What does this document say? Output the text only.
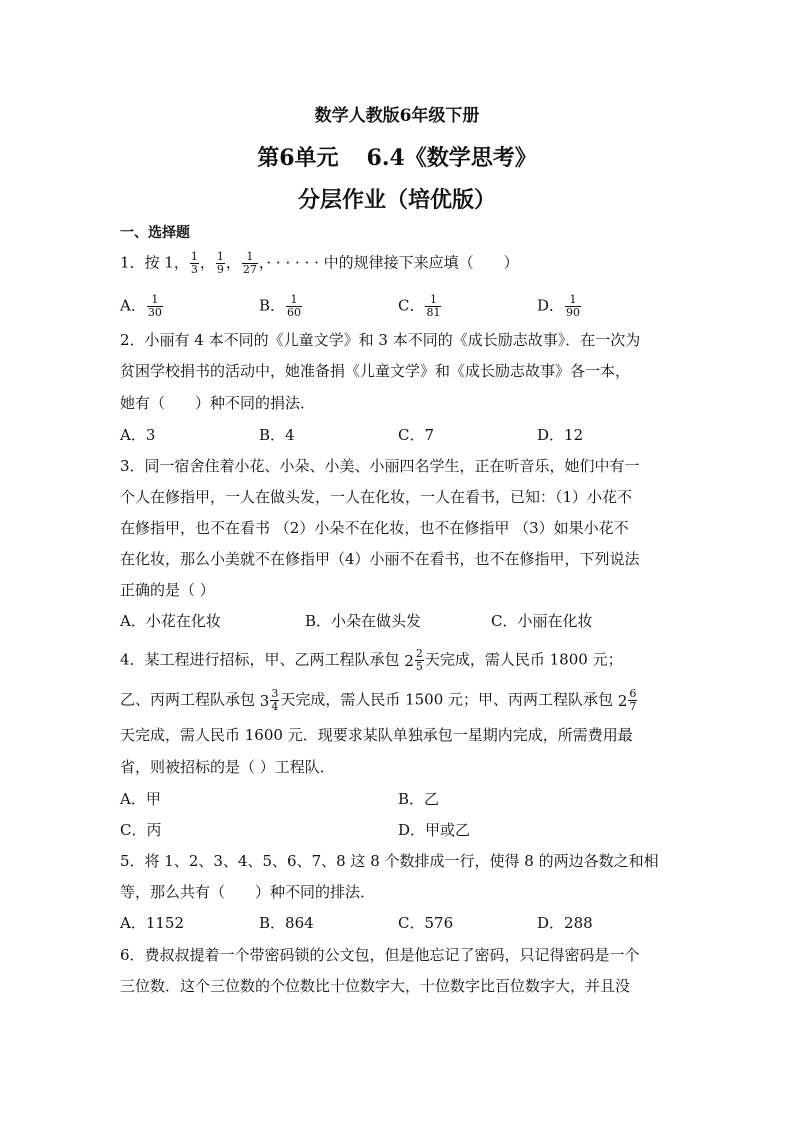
数学人教版6年级下册
第6单元 6.4《数学思考》
分层作业（培优版）
一、选择题
1．按 1， $\frac{1}{3}$ ， $\frac{1}{9}$ ， $\frac{1}{27}$ ，· · · · · · 中的规律接下来应填（　　）
A． $\frac{1}{30}$	B． $\frac{1}{60}$	C． $\frac{1}{81}$	D． $\frac{1}{90}$
2．小丽有 4 本不同的《儿童文学》和 3 本不同的《成长励志故事》．在一次为
贫困学校捐书的活动中，她准备捐《儿童文学》和《成长励志故事》各一本，
她有（　　）种不同的捐法．
A．3	B．4	C．7	D．12
3．同一宿舍住着小花、小朵、小美、小丽四名学生，正在听音乐，她们中有一
个人在修指甲，一人在做头发，一人在化妆，一人在看书，已知：（1）小花不
在修指甲，也不在看书 （2）小朵不在化妆，也不在修指甲 （3）如果小花不
在化妆，那么小美就不在修指甲（4）小丽不在看书，也不在修指甲，下列说法
正确的是（ ）
A．小花在化妆	B．小朵在做头发	C．小丽在化妆
4．某工程进行招标，甲、乙两工程队承包 $2 \frac{2}{5}$ 天完成，需人民币 1800 元；
乙、丙两工程队承包 $3 \frac{3}{4}$ 天完成，需人民币 1500 元；甲、丙两工程队承包 $2 \frac{6}{7}$
天完成，需人民币 1600 元．现要求某队单独承包一星期内完成，所需费用最
省，则被招标的是（ ）工程队．
A．甲	B．乙
C．丙	D．甲或乙
5．将 1、2、3、4、5、6、7、8 这 8 个数排成一行，使得 8 的两边各数之和相
等，那么共有（　　）种不同的排法．
A．1152	B．864	C．576	D．288
6．费叔叔提着一个带密码锁的公文包，但是他忘记了密码，只记得密码是一个
三位数．这个三位数的个位数比十位数字大，十位数字比百位数字大，并且没
